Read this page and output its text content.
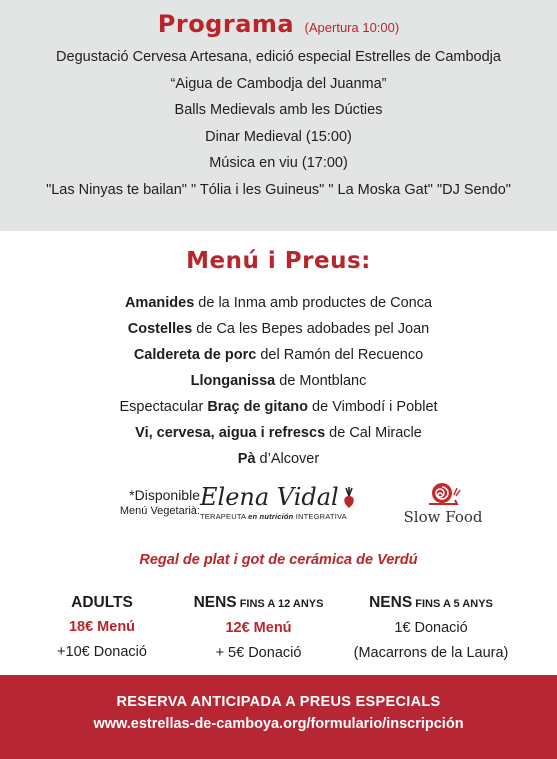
Programa (Apertura 10:00)
Degustació Cervesa Artesana, edició especial Estrelles de Cambodja
“Aigua de Cambodja del Juanma”
Balls Medievals amb les Dúcties
Dinar Medieval (15:00)
Música en viu (17:00)
"Las Ninyas te bailan" " Tólia i les Guineus" " La Moska Gat" "DJ Sendo"
Menú i Preus:
Amanides de la Inma amb productes de Conca
Costelles de Ca les Bepes adobades pel Joan
Caldereta de porc del Ramón del Recuenco
Llonganissa de Montblanc
Espectacular Braç de gitano de Vimbodí i Poblet
Vi, cervesa, aigua i refrescs de Cal Miracle
Pà d’Alcover
*Disponible
Menú Vegetarià: Elena Vidal
TERAPEUTA en nutrición INTEGRATIVA	Slow Food
Regal de plat i got de cerámica de Verdú
ADULTS
18€ Menú
+10€ Donació
NENS FINS A 12 ANYS
12€ Menú
+ 5€ Donació
NENS FINS A 5 ANYS
1€ Donació
(Macarrons de la Laura)
RESERVA ANTICIPADA A PREUS ESPECIALS
www.estrellas-de-camboya.org/formulario/inscripción
